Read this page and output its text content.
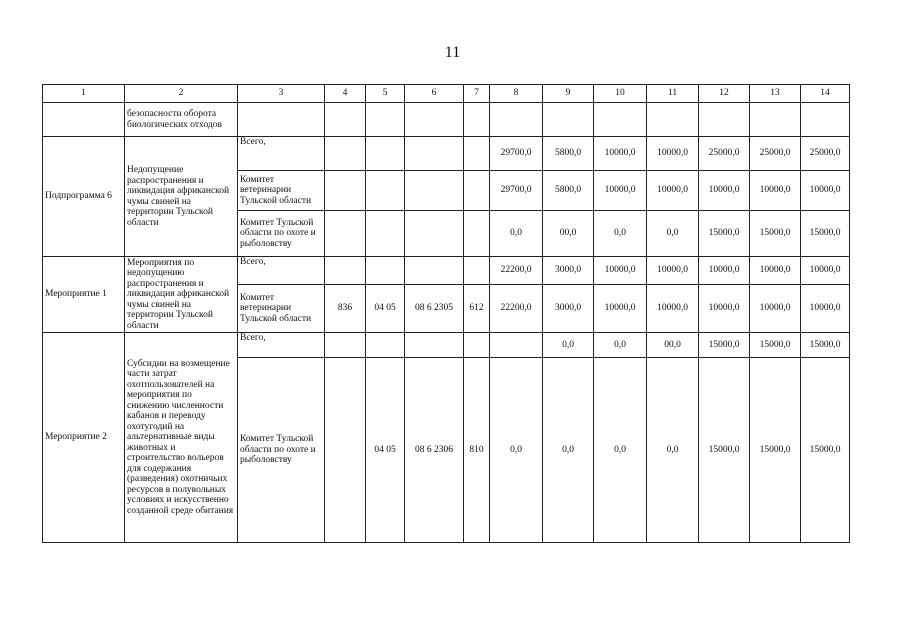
11
1	2	3	4	5	6	7	8	9	10	11	12	13	14
	безопасности оборота биологических отходов												
Подпрограмма 6	Недопущение распространения и ликвидация африканской чумы свиней на территории Тульской области	Всего,					29700,0	5800,0	10000,0	10000,0	25000,0	25000,0	25000,0
		Комитет ветеринарии Тульской области					29700,0	5800,0	10000,0	10000,0	10000,0	10000,0	10000,0
		Комитет Тульской области по охоте и рыболовству					0,0	00,0	0,0	0,0	15000,0	15000,0	15000,0
Мероприятие 1	Мероприятия по недопущению распространения и ликвидация африканской чумы свиней на территории Тульской области	Всего,					22200,0	3000,0	10000,0	10000,0	10000,0	10000,0	10000,0
		Комитет ветеринарии Тульской области	836	04 05	08 6 2305	612	22200,0	3000,0	10000,0	10000,0	10000,0	10000,0	10000,0
Мероприятие 2	Субсидии на возмещение части затрат охотпользователей на мероприятия по снижению численности кабанов и переводу охотугодий на альтернативные виды животных и строительство вольеров для содержания (разведения) охотничьих ресурсов в полувольных условиях и искусственно созданной среде обитания	Всего,						0,0	0,0	00,0	15000,0	15000,0	15000,0
		Комитет Тульской области по охоте и рыболовству		04 05	08 6 2306	810	0,0	0,0	0,0	0,0	15000,0	15000,0	15000,0
